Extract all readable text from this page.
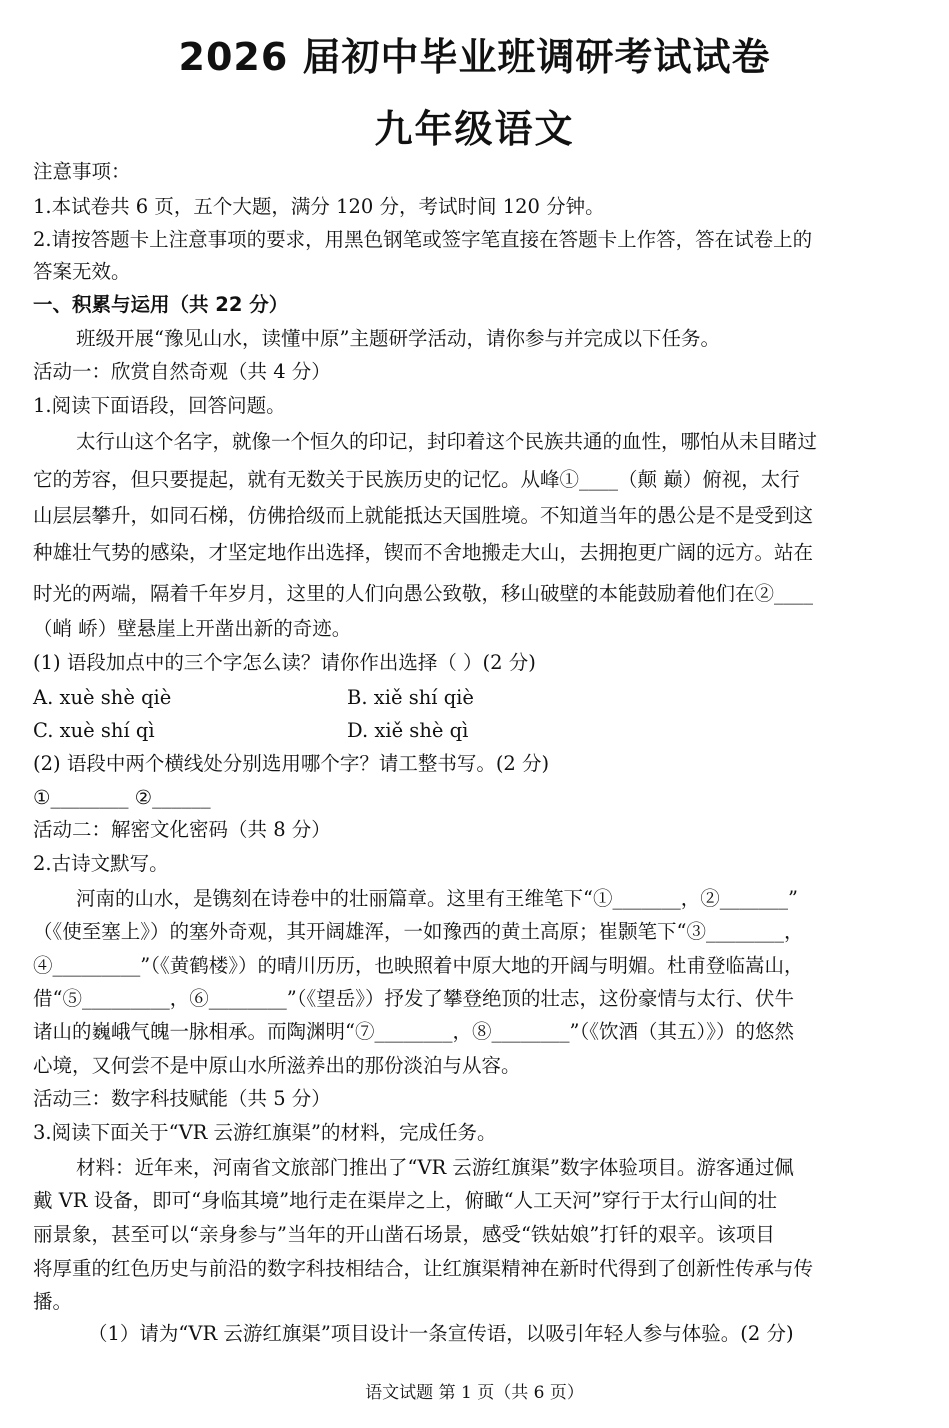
2026 届初中毕业班调研考试试卷
九年级语文
注意事项：
1.本试卷共 6 页，五个大题，满分 120 分，考试时间 120 分钟。
2.请按答题卡上注意事项的要求，用黑色钢笔或签字笔直接在答题卡上作答，答在试卷上的
答案无效。
一、积累与运用（共 22 分）
班级开展“豫见山水，读懂中原”主题研学活动，请你参与并完成以下任务。
活动一：欣赏自然奇观（共 4 分）
1.阅读下面语段，回答问题。
太行山这个名字，就像一个恒久的印记，封印着这个民族共通的血性，哪怕从未目睹过
它的芳容，但只要提起，就有无数关于民族历史的记忆。从峰①____（颠 巅）俯视，太行
山层层攀升，如同石梯，仿佛拾级而上就能抵达天国胜境。不知道当年的愚公是不是受到这
种雄壮气势的感染，才坚定地作出选择，锲而不舍地搬走大山，去拥抱更广阔的远方。站在
时光的两端，隔着千年岁月，这里的人们向愚公致敬，移山破壁的本能鼓励着他们在②____
（峭 峤）壁悬崖上开凿出新的奇迹。
(1) 语段加点中的三个字怎么读？请你作出选择（ ）(2 分)
A. xuè shè qiè	B. xiě shí qiè
C. xuè shí qì	D. xiě shè qì
(2) 语段中两个横线处分别选用哪个字？请工整书写。(2 分)
①________ ②______
活动二：解密文化密码（共 8 分）
2.古诗文默写。
河南的山水，是镌刻在诗卷中的壮丽篇章。这里有王维笔下“①_______，②_______”
（《使至塞上》）的塞外奇观，其开阔雄浑，一如豫西的黄土高原；崔颢笔下“③________，
④_________”（《黄鹤楼》）的晴川历历，也映照着中原大地的开阔与明媚。杜甫登临嵩山，
借“⑤_________，⑥________”（《望岳》）抒发了攀登绝顶的壮志，这份豪情与太行、伏牛
诸山的巍峨气魄一脉相承。而陶渊明“⑦________，⑧________”（《饮酒（其五）》）的悠然
心境，又何尝不是中原山水所滋养出的那份淡泊与从容。
活动三：数字科技赋能（共 5 分）
3.阅读下面关于“VR 云游红旗渠”的材料，完成任务。
材料：近年来，河南省文旅部门推出了“VR 云游红旗渠”数字体验项目。游客通过佩
戴 VR 设备，即可“身临其境”地行走在渠岸之上，俯瞰“人工天河”穿行于太行山间的壮
丽景象，甚至可以“亲身参与”当年的开山凿石场景，感受“铁姑娘”打钎的艰辛。该项目
将厚重的红色历史与前沿的数字科技相结合，让红旗渠精神在新时代得到了创新性传承与传
播。
（1）请为“VR 云游红旗渠”项目设计一条宣传语，以吸引年轻人参与体验。(2 分)
语文试题 第 1 页（共 6 页）
